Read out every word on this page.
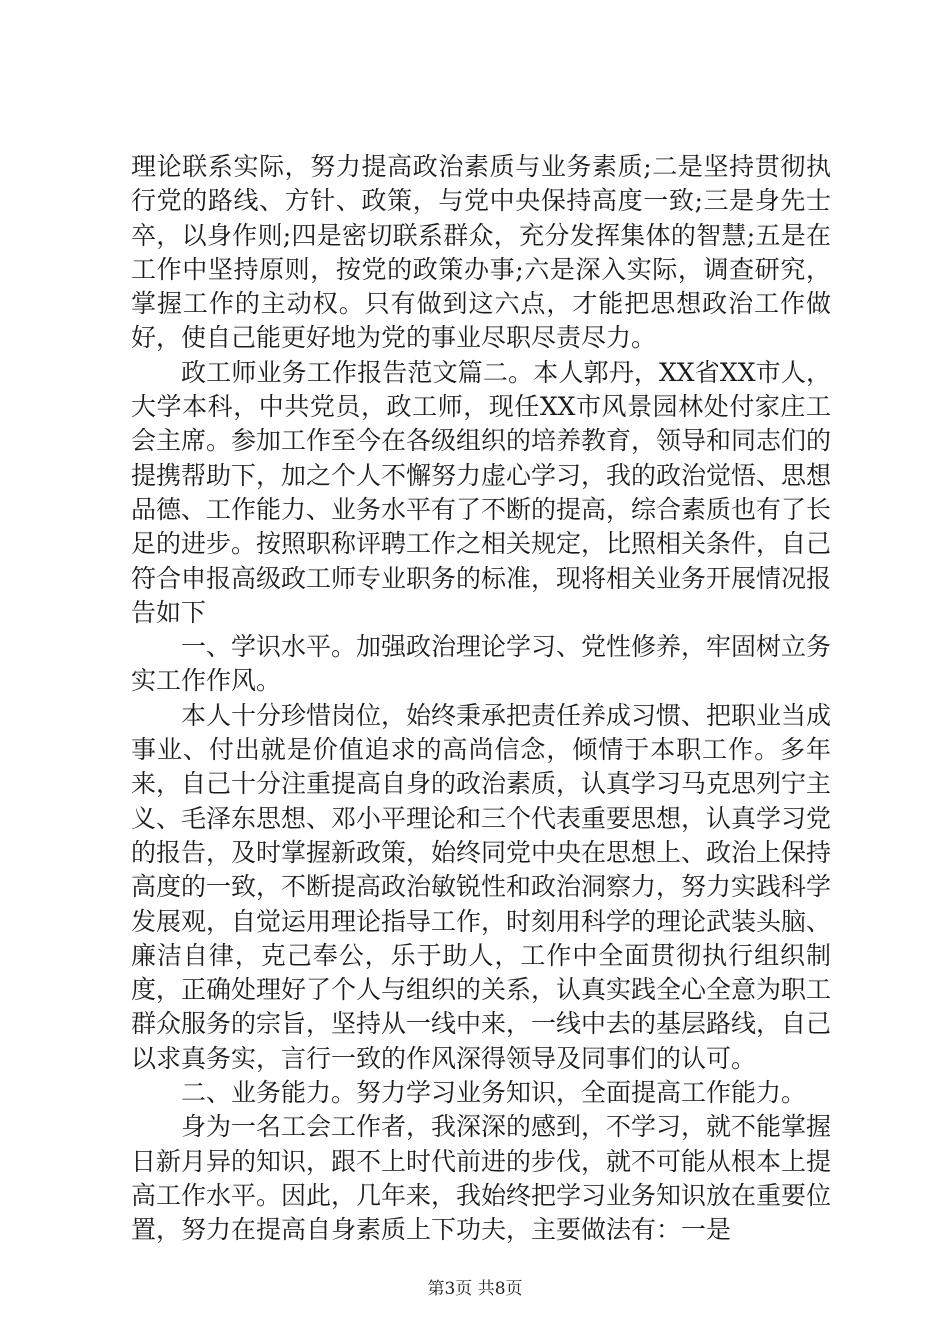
理论联系实际，努力提高政治素质与业务素质;二是坚持贯彻执行党的路线、方针、政策，与党中央保持高度一致;三是身先士卒，以身作则;四是密切联系群众，充分发挥集体的智慧;五是在工作中坚持原则，按党的政策办事;六是深入实际，调查研究，掌握工作的主动权。只有做到这六点，才能把思想政治工作做好，使自己能更好地为党的事业尽职尽责尽力。

政工师业务工作报告范文篇二。本人郭丹，XX省XX市人，大学本科，中共党员，政工师，现任XX市风景园林处付家庄工会主席。参加工作至今在各级组织的培养教育，领导和同志们的提携帮助下，加之个人不懈努力虚心学习，我的政治觉悟、思想品德、工作能力、业务水平有了不断的提高，综合素质也有了长足的进步。按照职称评聘工作之相关规定，比照相关条件，自己符合申报高级政工师专业职务的标准，现将相关业务开展情况报告如下

一、学识水平。加强政治理论学习、党性修养，牢固树立务实工作作风。

本人十分珍惜岗位，始终秉承把责任养成习惯、把职业当成事业、付出就是价值追求的高尚信念，倾情于本职工作。多年来，自己十分注重提高自身的政治素质，认真学习马克思列宁主义、毛泽东思想、邓小平理论和三个代表重要思想，认真学习党的报告，及时掌握新政策，始终同党中央在思想上、政治上保持高度的一致，不断提高政治敏锐性和政治洞察力，努力实践科学发展观，自觉运用理论指导工作，时刻用科学的理论武装头脑、廉洁自律，克己奉公，乐于助人，工作中全面贯彻执行组织制度，正确处理好了个人与组织的关系，认真实践全心全意为职工群众服务的宗旨，坚持从一线中来，一线中去的基层路线，自己以求真务实，言行一致的作风深得领导及同事们的认可。

二、业务能力。努力学习业务知识，全面提高工作能力。

身为一名工会工作者，我深深的感到，不学习，就不能掌握日新月异的知识，跟不上时代前进的步伐，就不可能从根本上提高工作水平。因此，几年来，我始终把学习业务知识放在重要位置，努力在提高自身素质上下功夫，主要做法有：一是

第3页 共8页
